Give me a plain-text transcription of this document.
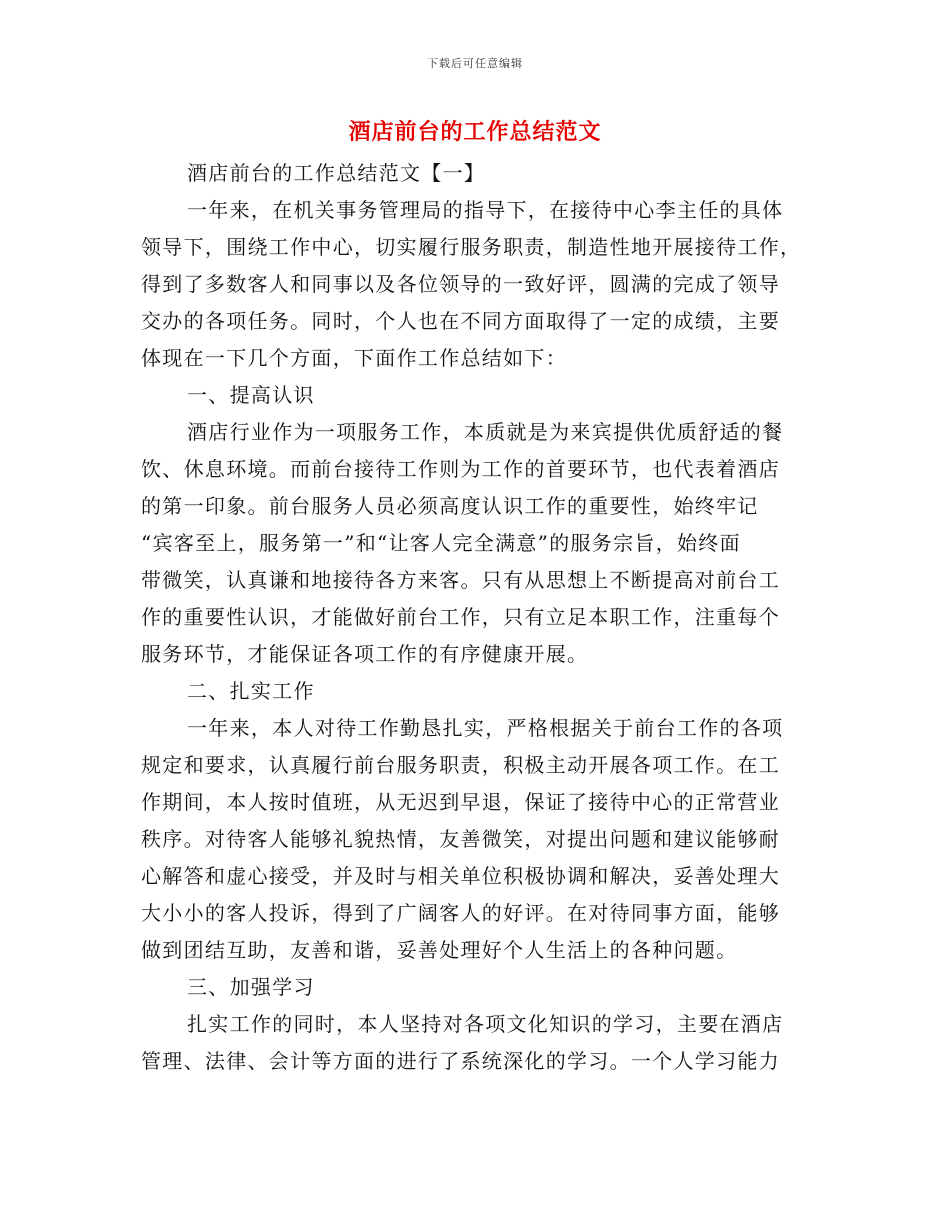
下载后可任意编辑
酒店前台的工作总结范文

酒店前台的工作总结范文【一】

一年来，在机关事务管理局的指导下，在接待中心李主任的具体
领导下，围绕工作中心，切实履行服务职责，制造性地开展接待工作，
得到了多数客人和同事以及各位领导的一致好评，圆满的完成了领导
交办的各项任务。同时，个人也在不同方面取得了一定的成绩，主要
体现在一下几个方面，下面作工作总结如下：

一、提高认识

酒店行业作为一项服务工作，本质就是为来宾提供优质舒适的餐
饮、休息环境。而前台接待工作则为工作的首要环节，也代表着酒店
的第一印象。前台服务人员必须高度认识工作的重要性，始终牢记
“宾客至上，服务第一”和“让客人完全满意”的服务宗旨，始终面
带微笑，认真谦和地接待各方来客。只有从思想上不断提高对前台工
作的重要性认识，才能做好前台工作，只有立足本职工作，注重每个
服务环节，才能保证各项工作的有序健康开展。

二、扎实工作

一年来，本人对待工作勤恳扎实，严格根据关于前台工作的各项
规定和要求，认真履行前台服务职责，积极主动开展各项工作。在工
作期间，本人按时值班，从无迟到早退，保证了接待中心的正常营业
秩序。对待客人能够礼貌热情，友善微笑，对提出问题和建议能够耐
心解答和虚心接受，并及时与相关单位积极协调和解决，妥善处理大
大小小的客人投诉，得到了广阔客人的好评。在对待同事方面，能够
做到团结互助，友善和谐，妥善处理好个人生活上的各种问题。

三、加强学习

扎实工作的同时，本人坚持对各项文化知识的学习，主要在酒店
管理、法律、会计等方面的进行了系统深化的学习。一个人学习能力
